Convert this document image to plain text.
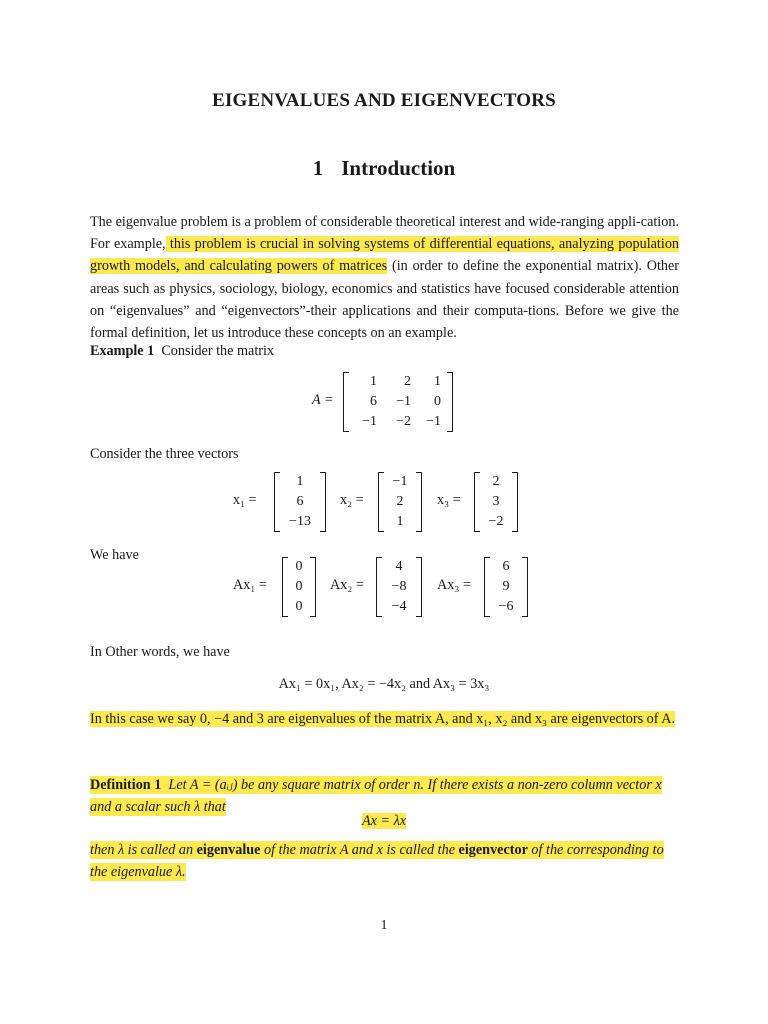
EIGENVALUES AND EIGENVECTORS
1 Introduction
The eigenvalue problem is a problem of considerable theoretical interest and wide-ranging appli-cation. For example, this problem is crucial in solving systems of differential equations, analyzing population growth models, and calculating powers of matrices (in order to define the exponential matrix). Other areas such as physics, sociology, biology, economics and statistics have focused considerable attention on “eigenvalues” and “eigenvectors”-their applications and their computa-tions. Before we give the formal definition, let us introduce these concepts on an example.
Example 1 Consider the matrix
A =
1	2	1
6	−1	0
−1	−2	−1
Consider the three vectors
x₁ =
1
6
−13
x₂ =
−1
2
1
x₃ =
2
3
−2
We have
Ax₁ =
0
0
0
Ax₂ =
4
−8
−4
Ax₃ =
6
9
−6
In Other words, we have
Ax₁ = 0x₁, Ax₂ = −4x₂ and Ax₃ = 3x₃
In this case we say 0, −4 and 3 are eigenvalues of the matrix A, and x₁, x₂ and x₃ are eigenvectors of A.
Definition 1 Let A = (aᵢⱼ) be any square matrix of order n. If there exists a non-zero column vector x and a scalar such λ that
Ax = λx
then λ is called an eigenvalue of the matrix A and x is called the eigenvector of the corresponding to the eigenvalue λ.
1
